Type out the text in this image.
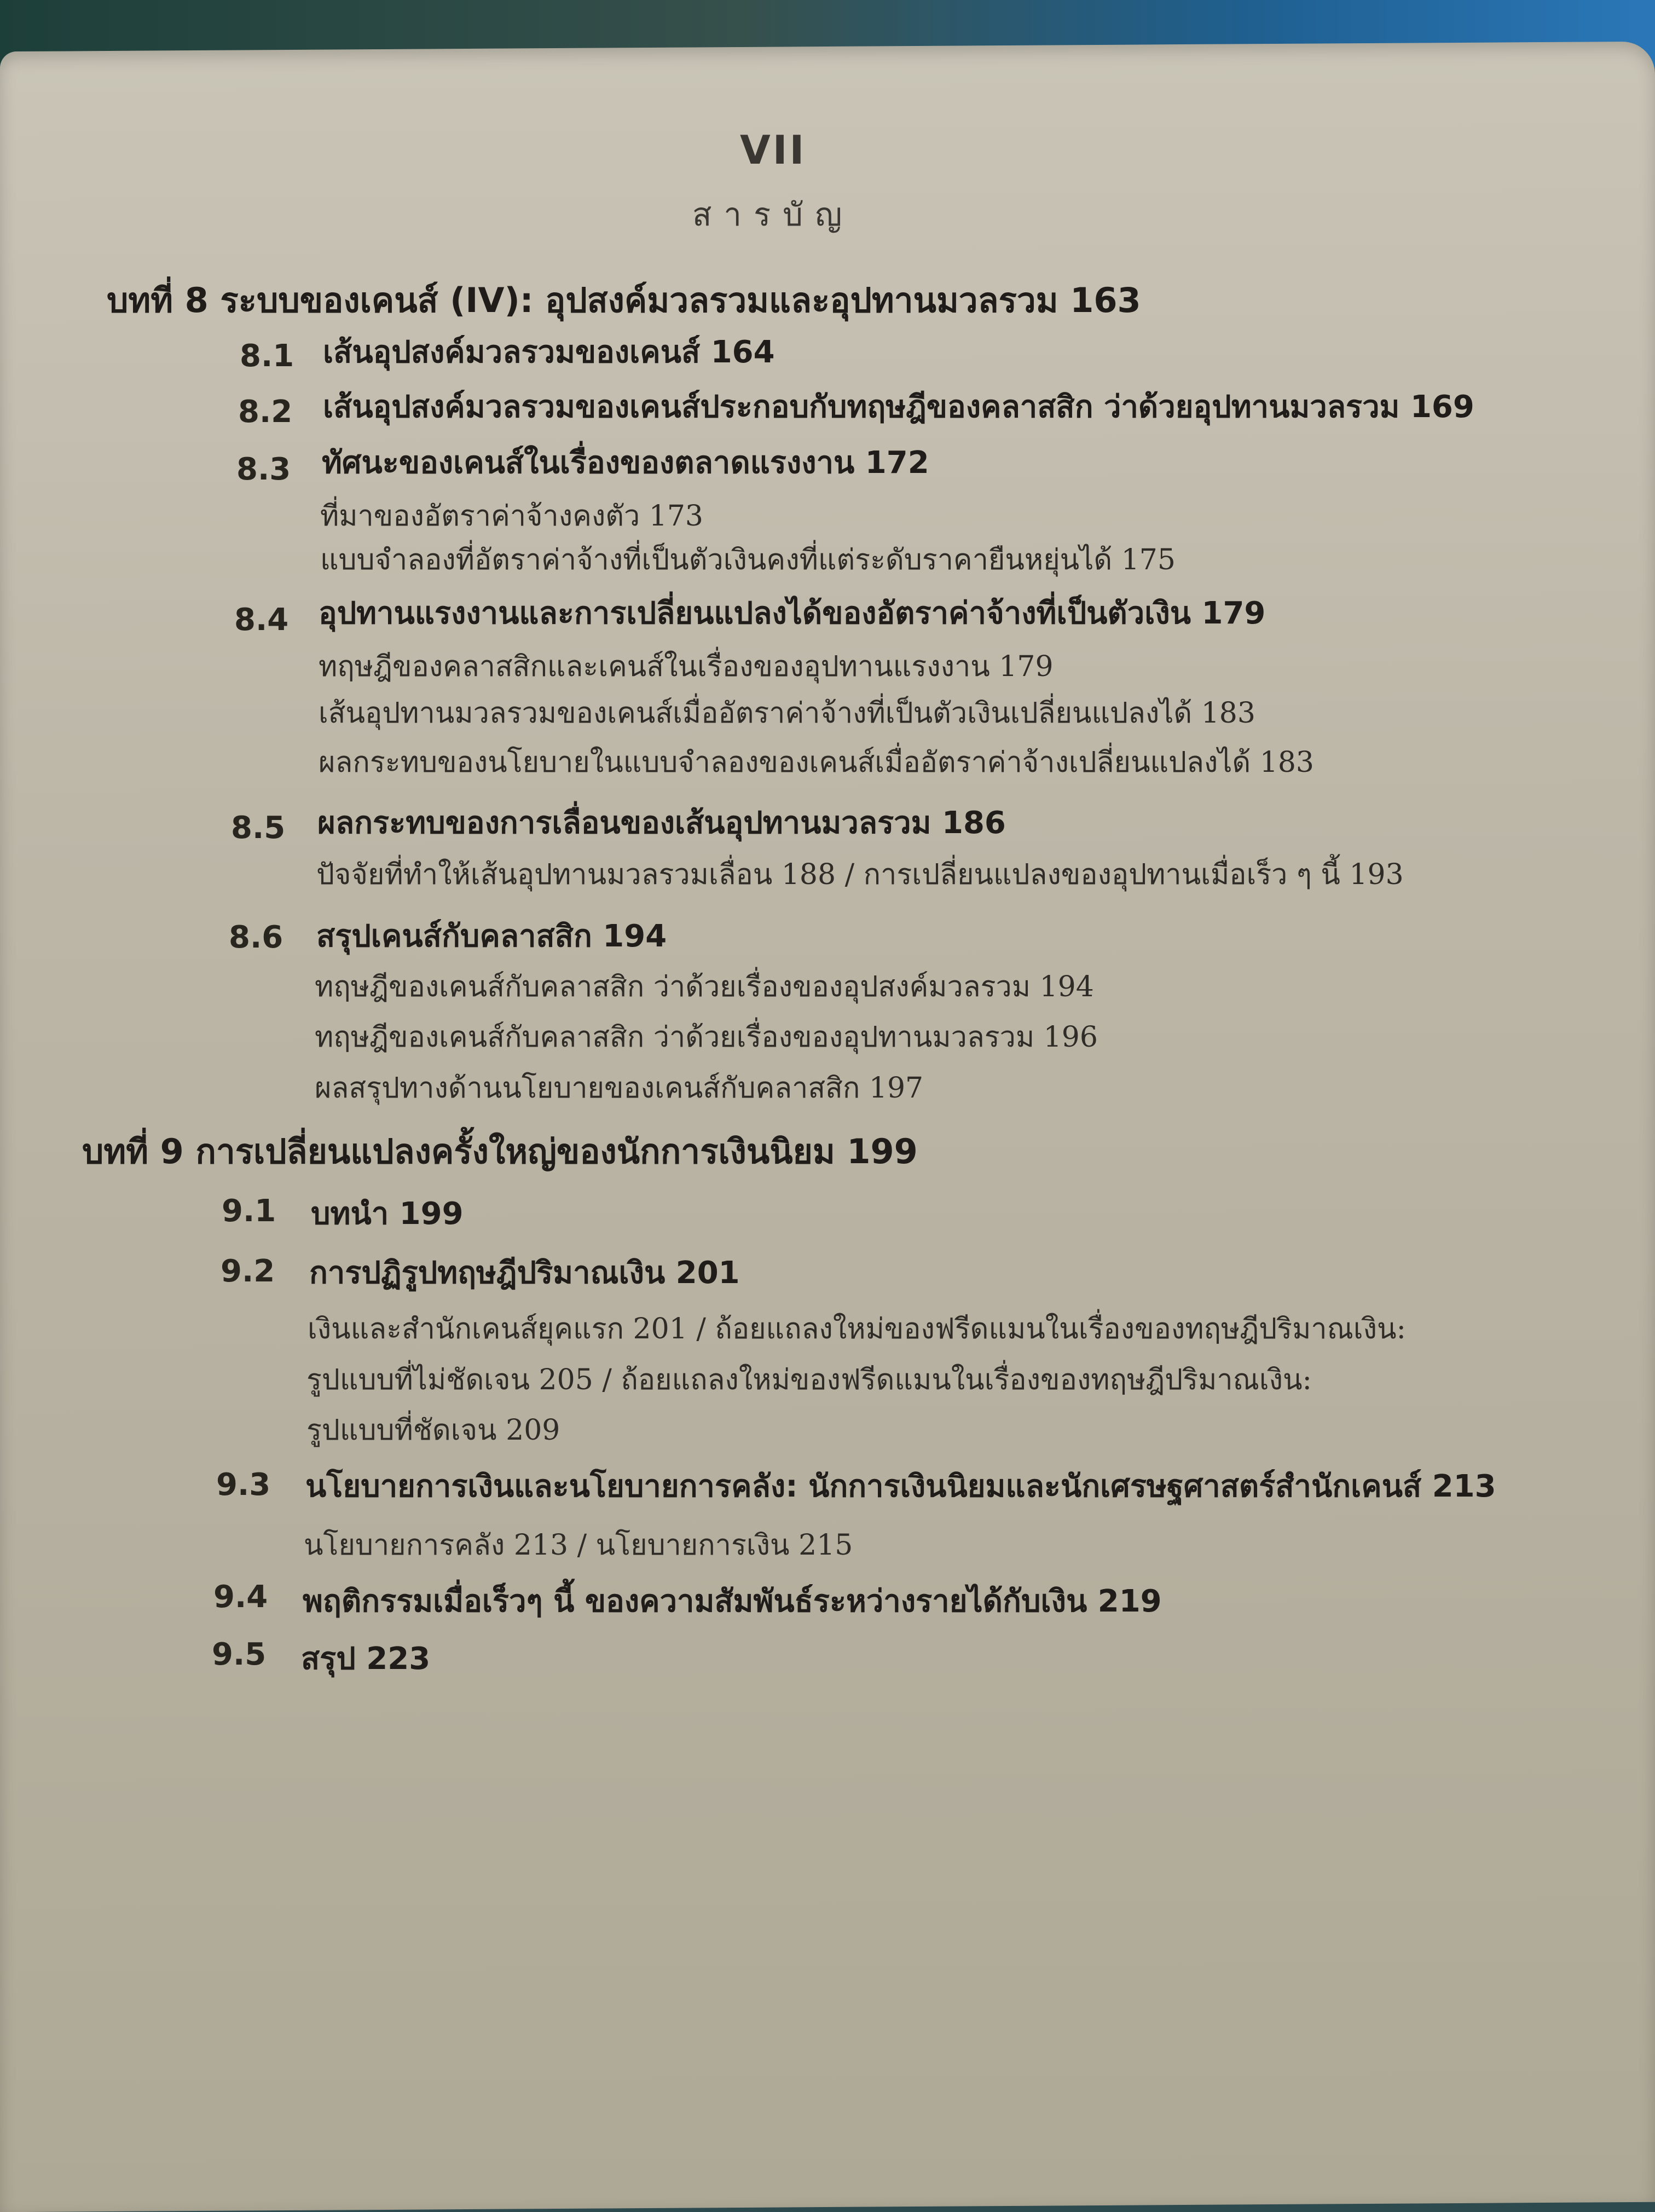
VII
สารบัญ
บทที่ 8 ระบบของเคนส์ (IV): อุปสงค์มวลรวมและอุปทานมวลรวม 163
8.1 เส้นอุปสงค์มวลรวมของเคนส์ 164
8.2 เส้นอุปสงค์มวลรวมของเคนส์ประกอบกับทฤษฎีของคลาสสิก ว่าด้วยอุปทานมวลรวม 169
8.3 ทัศนะของเคนส์ในเรื่องของตลาดแรงงาน 172
ที่มาของอัตราค่าจ้างคงตัว 173
แบบจำลองที่อัตราค่าจ้างที่เป็นตัวเงินคงที่แต่ระดับราคายืนหยุ่นได้ 175
8.4 อุปทานแรงงานและการเปลี่ยนแปลงได้ของอัตราค่าจ้างที่เป็นตัวเงิน 179
ทฤษฎีของคลาสสิกและเคนส์ในเรื่องของอุปทานแรงงาน 179
เส้นอุปทานมวลรวมของเคนส์เมื่ออัตราค่าจ้างที่เป็นตัวเงินเปลี่ยนแปลงได้ 183
ผลกระทบของนโยบายในแบบจำลองของเคนส์เมื่ออัตราค่าจ้างเปลี่ยนแปลงได้ 183
8.5 ผลกระทบของการเลื่อนของเส้นอุปทานมวลรวม 186
ปัจจัยที่ทำให้เส้นอุปทานมวลรวมเลื่อน 188 / การเปลี่ยนแปลงของอุปทานเมื่อเร็ว ๆ นี้ 193
8.6 สรุปเคนส์กับคลาสสิก 194
ทฤษฎีของเคนส์กับคลาสสิก ว่าด้วยเรื่องของอุปสงค์มวลรวม 194
ทฤษฎีของเคนส์กับคลาสสิก ว่าด้วยเรื่องของอุปทานมวลรวม 196
ผลสรุปทางด้านนโยบายของเคนส์กับคลาสสิก 197
บทที่ 9 การเปลี่ยนแปลงครั้งใหญ่ของนักการเงินนิยม 199
9.1 บทนำ 199
9.2 การปฏิรูปทฤษฎีปริมาณเงิน 201
เงินและสำนักเคนส์ยุคแรก 201 / ถ้อยแถลงใหม่ของฟรีดแมนในเรื่องของทฤษฎีปริมาณเงิน:
รูปแบบที่ไม่ชัดเจน 205 / ถ้อยแถลงใหม่ของฟรีดแมนในเรื่องของทฤษฎีปริมาณเงิน:
รูปแบบที่ชัดเจน 209
9.3 นโยบายการเงินและนโยบายการคลัง: นักการเงินนิยมและนักเศรษฐศาสตร์สำนักเคนส์ 213
นโยบายการคลัง 213 / นโยบายการเงิน 215
9.4 พฤติกรรมเมื่อเร็วๆ นี้ ของความสัมพันธ์ระหว่างรายได้กับเงิน 219
9.5 สรุป 223
